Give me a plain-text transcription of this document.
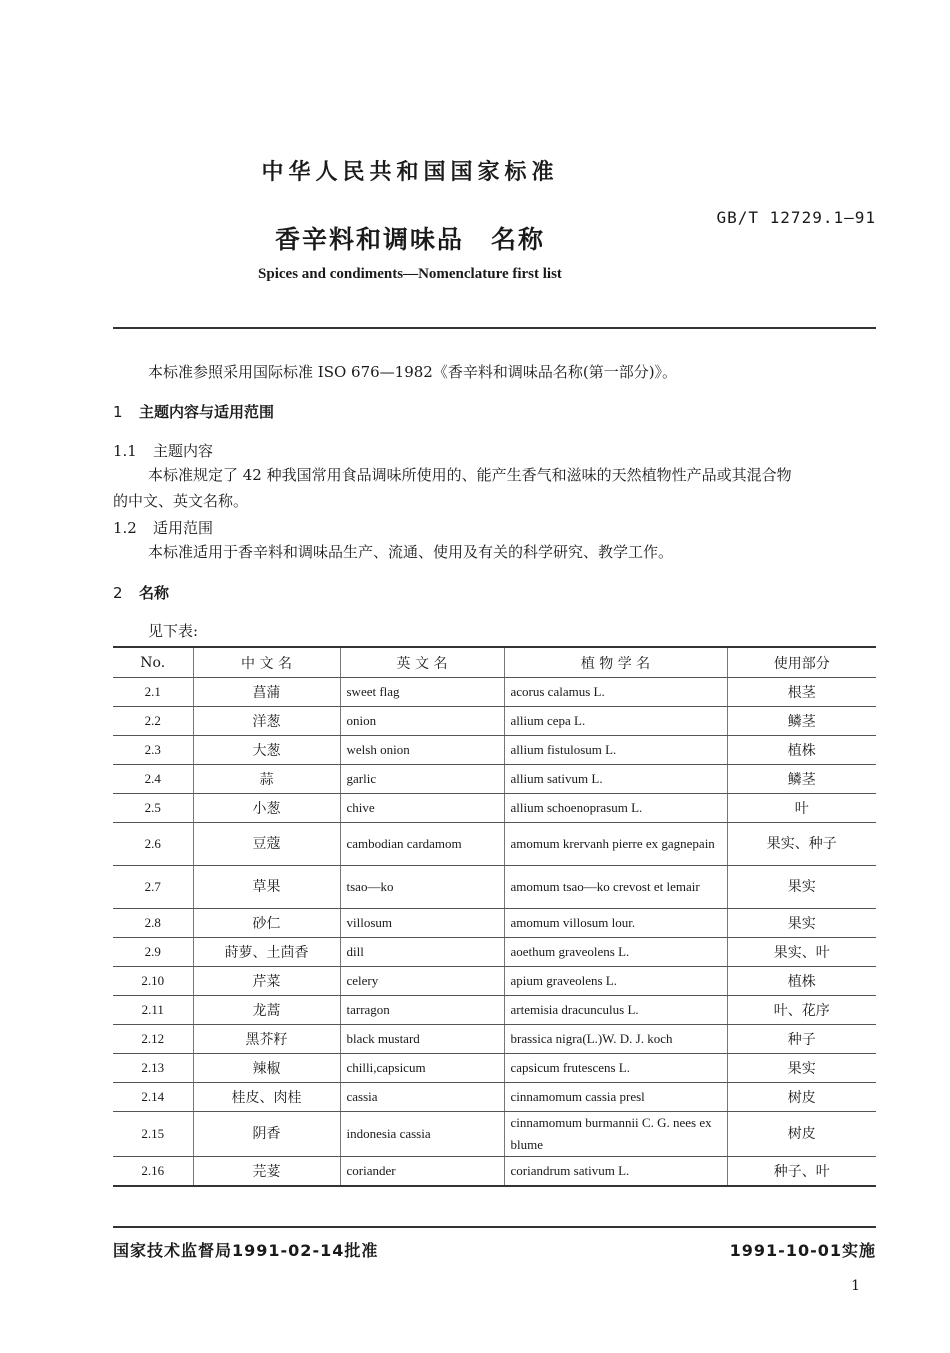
中华人民共和国国家标准
GB/T 12729.1—91
香辛料和调味品　名称
Spices and condiments—Nomenclature first list
本标准参照采用国际标准 ISO 676—1982《香辛料和调味品名称(第一部分)》。
1 主题内容与适用范围
1.1 主题内容
本标准规定了 42 种我国常用食品调味所使用的、能产生香气和滋味的天然植物性产品或其混合物
的中文、英文名称。
1.2 适用范围
本标准适用于香辛料和调味品生产、流通、使用及有关的科学研究、教学工作。
2 名称
见下表:
No.	中 文 名	英 文 名	植 物 学 名	使用部分
2.1	菖蒲	sweet flag	acorus calamus L.	根茎
2.2	洋葱	onion	allium cepa L.	鳞茎
2.3	大葱	welsh onion	allium fistulosum L.	植株
2.4	蒜	garlic	allium sativum L.	鳞茎
2.5	小葱	chive	allium schoenoprasum L.	叶
2.6	豆蔻	cambodian cardamom	amomum krervanh pierre ex gagnepain	果实、种子
2.7	草果	tsao—ko	amomum tsao—ko crevost et lemair	果实
2.8	砂仁	villosum	amomum villosum lour.	果实
2.9	莳萝、土茴香	dill	aoethum graveolens L.	果实、叶
2.10	芹菜	celery	apium graveolens L.	植株
2.11	龙蒿	tarragon	artemisia dracunculus L.	叶、花序
2.12	黑芥籽	black mustard	brassica nigra(L.)W. D. J. koch	种子
2.13	辣椒	chilli,capsicum	capsicum frutescens L.	果实
2.14	桂皮、肉桂	cassia	cinnamomum cassia presl	树皮
2.15	阴香	indonesia cassia	cinnamomum burmannii C. G. nees ex blume	树皮
2.16	芫荽	coriander	coriandrum sativum L.	种子、叶
国家技术监督局1991-02-14批准	1991-10-01实施
1
